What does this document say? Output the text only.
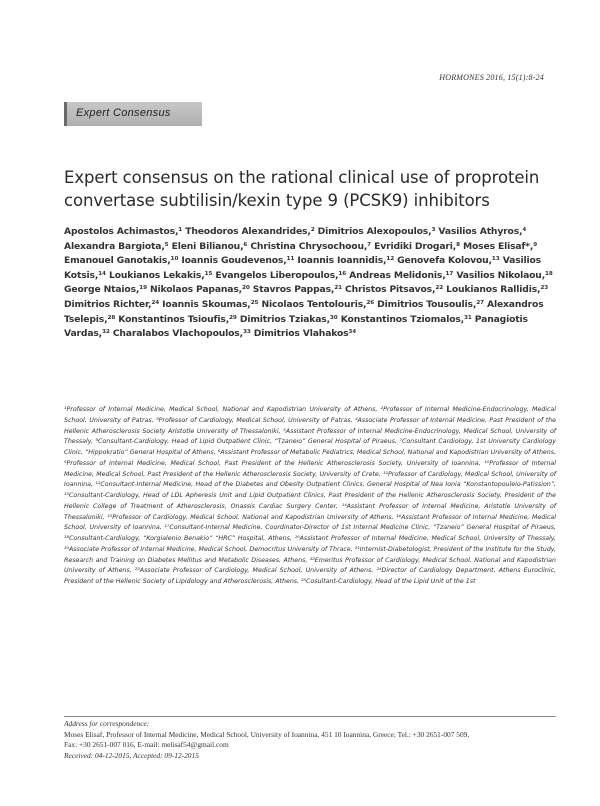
HORMONES 2016, 15(1):8-24
Expert Consensus
Expert consensus on the rational clinical use of proprotein convertase subtilisin/kexin type 9 (PCSK9) inhibitors

Apostolos Achimastos,¹ Theodoros Alexandrides,² Dimitrios Alexopoulos,³ Vasilios Athyros,⁴ Alexandra Bargiota,⁵ Eleni Bilianou,⁶ Christina Chrysochoou,⁷ Evridiki Drogari,⁸ Moses Elisaf*,⁹ Emanouel Ganotakis,¹⁰ Ioannis Goudevenos,¹¹ Ioannis Ioannidis,¹² Genovefa Kolovou,¹³ Vasilios Kotsis,¹⁴ Loukianos Lekakis,¹⁵ Evangelos Liberopoulos,¹⁶ Andreas Melidonis,¹⁷ Vasilios Nikolaou,¹⁸ George Ntaios,¹⁹ Nikolaos Papanas,²⁰ Stavros Pappas,²¹ Christos Pitsavos,²² Loukianos Rallidis,²³ Dimitrios Richter,²⁴ Ioannis Skoumas,²⁵ Nicolaos Tentolouris,²⁶ Dimitrios Tousoulis,²⁷ Alexandros Tselepis,²⁸ Konstantinos Tsioufis,²⁹ Dimitrios Tziakas,³⁰ Konstantinos Tziomalos,³¹ Panagiotis Vardas,³² Charalabos Vlachopoulos,³³ Dimitrios Vlahakos³⁴

¹Professor of Internal Medicine, Medical School, National and Kapodistrian University of Athens, ²Professor of Internal Medicine-Endocrinology, Medical School, University of Patras, ³Professor of Cardiology, Medical School, University of Patras, ⁴Associate Professor of Internal Medicine, Past President of the Hellenic Atherosclerosis Society Aristotle University of Thessaloniki, ⁵Assistant Professor of Internal Medicine-Endocrinology, Medical School, University of Thessaly, ⁶Consultant-Cardiology, Head of Lipid Outpatient Clinic, “Tzaneio” General Hospital of Piraeus, ⁷Consultant Cardiology, 1st University Cardiology Clinic, “Hippokratio” General Hospital of Athens, ⁸Assistant Professor of Metabolic Pediatrics, Medical School, National and Kapodistrian University of Athens, ⁹Professor of Internal Medicine, Medical School, Past President of the Hellenic Atherosclerosis Society, University of Ioannina, ¹⁰Professor of Internal Medicine, Medical School, Past President of the Hellenic Atherosclerosis Society, University of Crete, ¹¹Professor of Cardiology, Medical School, University of Ioannina, ¹²Consultant-Internal Medicine, Head of the Diabetes and Obesity Outpatient Clinics, General Hospital of Nea Ionia “Konstantopouleio-Patission”, ¹³Consultant-Cardiology, Head of LDL Apheresis Unit and Lipid Outpatient Clinics, Past President of the Hellenic Atherosclerosis Society, President of the Hellenic College of Treatment of Atherosclerosis, Onassis Cardiac Surgery Center, ¹⁴Assistant Professor of Internal Medicine, Aristotle University of Thessaloniki, ¹⁵Professor of Cardiology, Medical School, National and Kapodistrian University of Athens, ¹⁶Assistant Professor of Internal Medicine, Medical School, University of Ioannina, ¹⁷Consultant-Internal Medicine, Coordinator-Director of 1st Internal Medicine Clinic, “Tzaneio” General Hospital of Piraeus, ¹⁸Consultant-Cardiology, “Korgialenio Benakio” “HRC” Hospital, Athens, ¹⁹Assistant Professor of Internal Medicine, Medical School, University of Thessaly, ²⁰Associate Professor of Internal Medicine, Medical School, Democritus University of Thrace, ²¹Internist-Diabetologist, President of the Institute for the Study, Research and Training on Diabetes Mellitus and Metabolic Diseases, Athens, ²²Emeritus Professor of Cardiology, Medical School, National and Kapodistrian University of Athens, ²³Associate Professor of Cardiology, Medical School, University of Athens, ²⁴Director of Cardiology Department, Athens Euroclinic, President of the Hellenic Society of Lipidology and Atherosclerosis, Athens, ²⁵Cosultant-Cardiology, Head of the Lipid Unit of the 1st

Address for correspondence:
Moses Elisaf, Professor of Internal Medicine, Medical School, University of Ioannina, 451 10 Ioannina, Greece; Tel.: +30 2651-007 509,
Fax: +30 2651-007 016, E-mail: melisaf54@gmail.com
Received: 04-12-2015, Accepted: 09-12-2015
